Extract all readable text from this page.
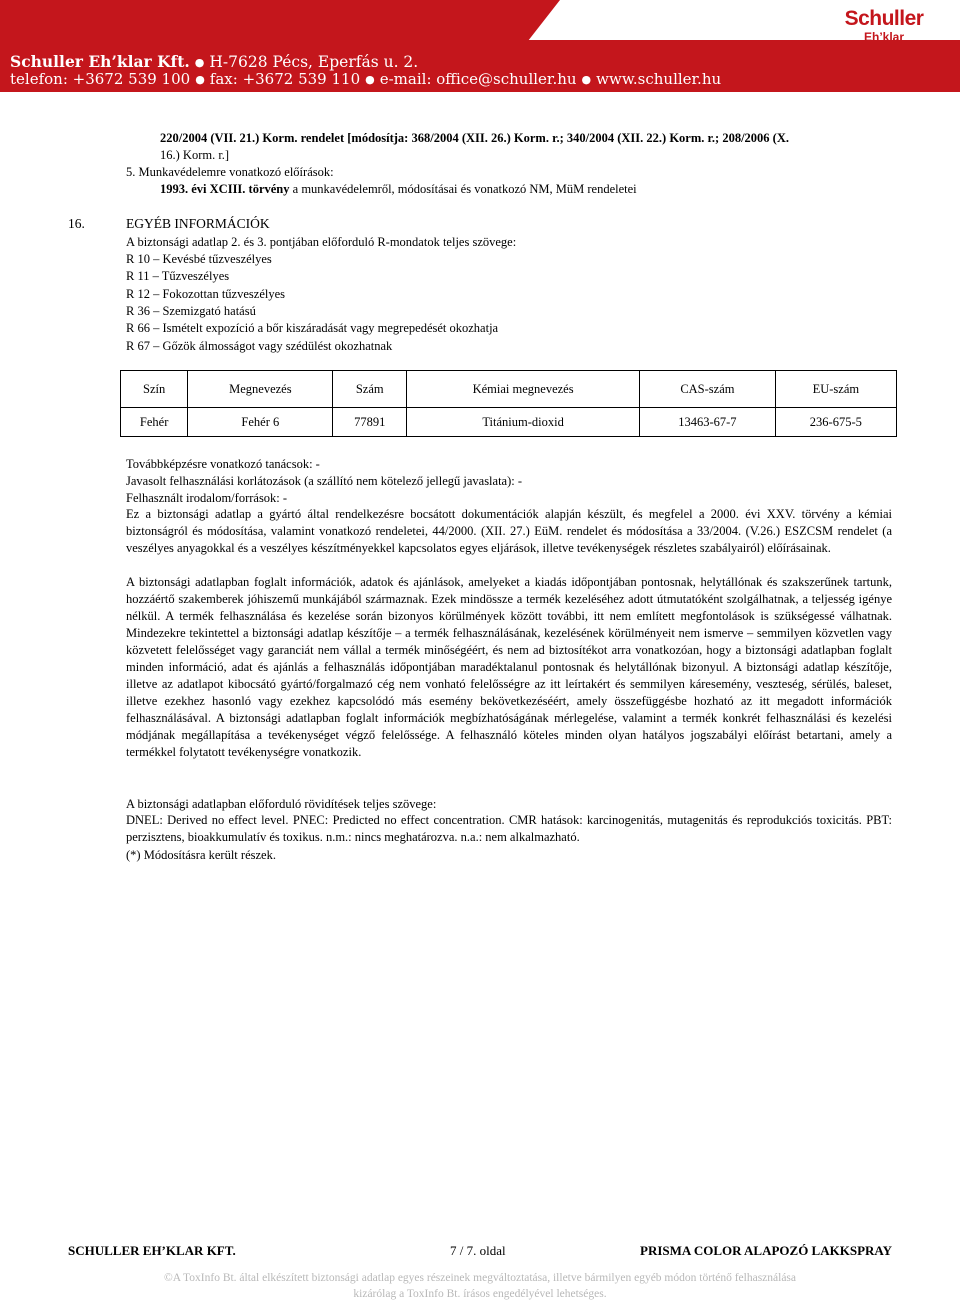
Schuller
Eh’klar
Schuller Eh’klar Kft. ● H-7628 Pécs, Eperfás u. 2.
telefon: +3672 539 100 ● fax: +3672 539 110 ● e-mail: office@schuller.hu ● www.schuller.hu
220/2004 (VII. 21.) Korm. rendelet [módosítja: 368/2004 (XII. 26.) Korm. r.; 340/2004 (XII. 22.) Korm. r.; 208/2006 (X.
16.) Korm. r.]
5. Munkavédelemre vonatkozó előírások:
1993. évi XCIII. törvény a munkavédelemről, módosításai és vonatkozó NM, MüM rendeletei
16.	EGYÉB INFORMÁCIÓK
A biztonsági adatlap 2. és 3. pontjában előforduló R-mondatok teljes szövege:
R 10 – Kevésbé tűzveszélyes
R 11 – Tűzveszélyes
R 12 – Fokozottan tűzveszélyes
R 36 – Szemizgató hatású
R 66 – Ismételt expozíció a bőr kiszáradását vagy megrepedését okozhatja
R 67 – Gőzök álmosságot vagy szédülést okozhatnak
Szín	Megnevezés	Szám	Kémiai megnevezés	CAS-szám	EU-szám
Fehér	Fehér 6	77891	Titánium-dioxid	13463-67-7	236-675-5
Továbbképzésre vonatkozó tanácsok: -
Javasolt felhasználási korlátozások (a szállító nem kötelező jellegű javaslata): -
Felhasznált irodalom/források: -
Ez a biztonsági adatlap a gyártó által rendelkezésre bocsátott dokumentációk alapján készült, és megfelel a 2000. évi XXV. törvény a kémiai biztonságról és módosítása, valamint vonatkozó rendeletei, 44/2000. (XII. 27.) EüM. rendelet és módosítása a 33/2004. (V.26.) ESZCSM rendelet (a veszélyes anyagokkal és a veszélyes készítményekkel kapcsolatos egyes eljárások, illetve tevékenységek részletes szabályairól) előírásainak.
A biztonsági adatlapban foglalt információk, adatok és ajánlások, amelyeket a kiadás időpontjában pontosnak, helytállónak és szakszerűnek tartunk, hozzáértő szakemberek jóhiszemű munkájából származnak. Ezek mindössze a termék kezeléséhez adott útmutatóként szolgálhatnak, a teljesség igénye nélkül. A termék felhasználása és kezelése során bizonyos körülmények között további, itt nem említett megfontolások is szükségessé válhatnak. Mindezekre tekintettel a biztonsági adatlap készítője – a termék felhasználásának, kezelésének körülményeit nem ismerve – semmilyen közvetlen vagy közvetett felelősséget vagy garanciát nem vállal a termék minőségéért, és nem ad biztosítékot arra vonatkozóan, hogy a biztonsági adatlapban foglalt minden információ, adat és ajánlás a felhasználás időpontjában maradéktalanul pontosnak és helytállónak bizonyul. A biztonsági adatlap készítője, illetve az adatlapot kibocsátó gyártó/forgalmazó cég nem vonható felelősségre az itt leírtakért és semmilyen káresemény, veszteség, sérülés, baleset, illetve ezekhez hasonló vagy ezekhez kapcsolódó más esemény bekövetkezéséért, amely összefüggésbe hozható az itt megadott információk felhasználásával. A biztonsági adatlapban foglalt információk megbízhatóságának mérlegelése, valamint a termék konkrét felhasználási és kezelési módjának megállapítása a tevékenységet végző felelőssége. A felhasználó köteles minden olyan hatályos jogszabályi előírást betartani, amely a termékkel folytatott tevékenységre vonatkozik.
A biztonsági adatlapban előforduló rövidítések teljes szövege:
DNEL: Derived no effect level. PNEC: Predicted no effect concentration. CMR hatások: karcinogenitás, mutagenitás és reprodukciós toxicitás. PBT: perzisztens, bioakkumulatív és toxikus. n.m.: nincs meghatározva. n.a.: nem alkalmazható.
(*) Módosításra került részek.
SCHULLER EH’KLAR KFT.	7 / 7. oldal	PRISMA COLOR ALAPOZÓ LAKKSPRAY
©A ToxInfo Bt. által elkészített biztonsági adatlap egyes részeinek megváltoztatása, illetve bármilyen egyéb módon történő felhasználása
kizárólag a ToxInfo Bt. írásos engedélyével lehetséges.
